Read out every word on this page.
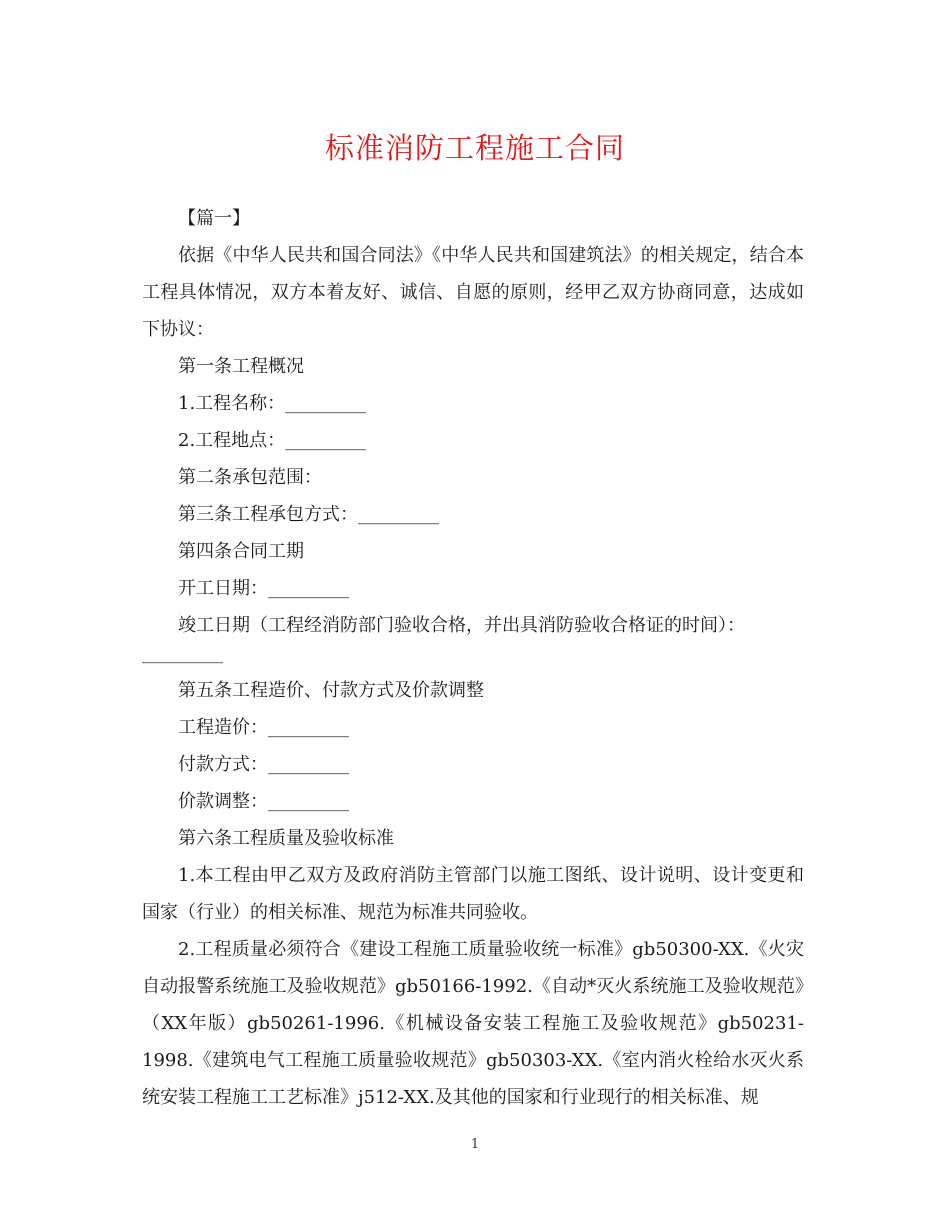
标准消防工程施工合同

【篇一】

依据《中华人民共和国合同法》《中华人民共和国建筑法》的相关规定，结合本工程具体情况，双方本着友好、诚信、自愿的原则，经甲乙双方协商同意，达成如下协议：

第一条工程概况

1.工程名称：_________

2.工程地点：_________

第二条承包范围：

第三条工程承包方式：_________

第四条合同工期

开工日期：_________

竣工日期（工程经消防部门验收合格，并出具消防验收合格证的时间）：

_________

第五条工程造价、付款方式及价款调整

工程造价：_________

付款方式：_________

价款调整：_________

第六条工程质量及验收标准

1.本工程由甲乙双方及政府消防主管部门以施工图纸、设计说明、设计变更和国家（行业）的相关标准、规范为标准共同验收。

2.工程质量必须符合《建设工程施工质量验收统一标准》gb50300-XX.《火灾自动报警系统施工及验收规范》gb50166-1992.《自动*灭火系统施工及验收规范》（XX年版）gb50261-1996.《机械设备安装工程施工及验收规范》gb50231-1998.《建筑电气工程施工质量验收规范》gb50303-XX.《室内消火栓给水灭火系统安装工程施工工艺标准》j512-XX.及其他的国家和行业现行的相关标准、规

1
